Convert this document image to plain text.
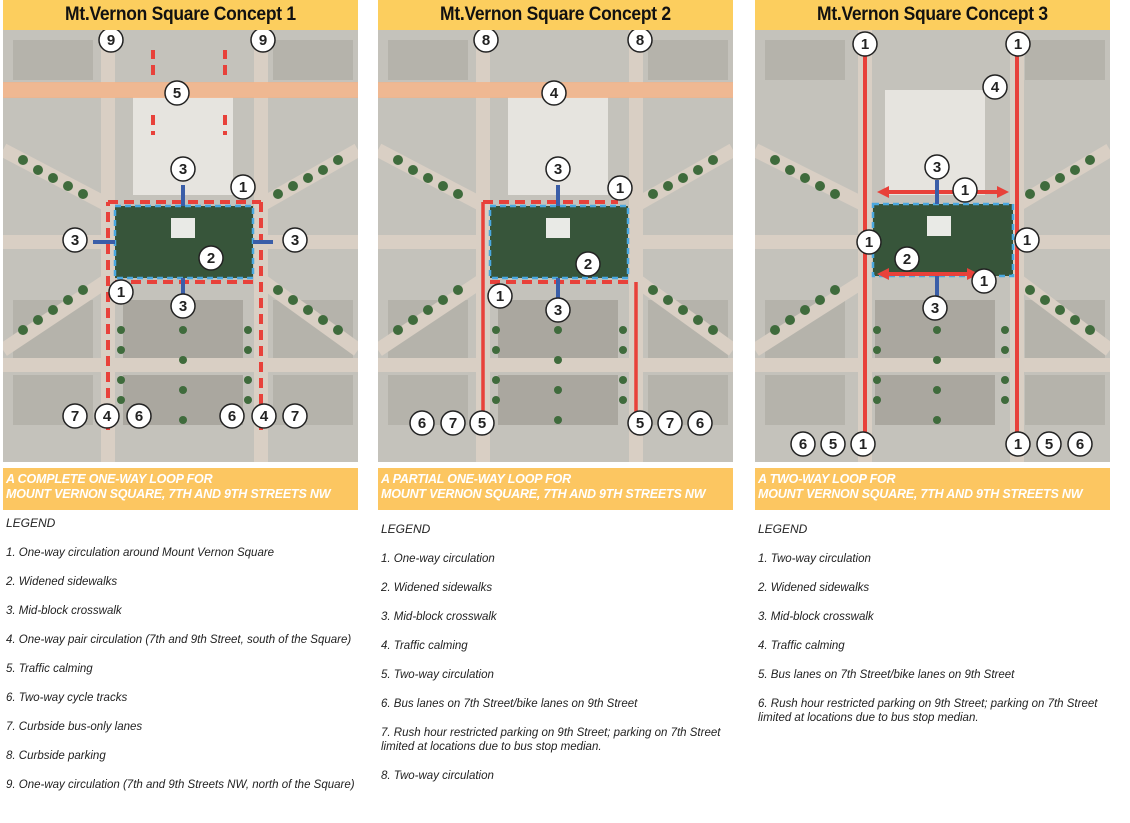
Mt.Vernon Square Concept 1
9	9
5
3
1
3	3
2
1
3
7 4 6	6 4 7
A COMPLETE ONE-WAY LOOP FOR
MOUNT VERNON SQUARE, 7TH AND 9TH STREETS NW
LEGEND
1. One-way circulation around Mount Vernon Square
2. Widened sidewalks
3. Mid-block crosswalk
4. One-way pair circulation (7th and 9th Street, south of the Square)
5. Traffic calming
6. Two-way cycle tracks
7. Curbside bus-only lanes
8. Curbside parking
9. One-way circulation (7th and 9th Streets NW, north of the Square)
Mt.Vernon Square Concept 2
8	8
4
3
1
2
1
3
6 7 5	5 7 6
A PARTIAL ONE-WAY LOOP FOR
MOUNT VERNON SQUARE, 7TH AND 9TH STREETS NW
LEGEND
1. One-way circulation
2. Widened sidewalks
3. Mid-block crosswalk
4. Traffic calming
5. Two-way circulation
6. Bus lanes on 7th Street/bike lanes on 9th Street
7. Rush hour restricted parking on 9th Street; parking on 7th Street limited at locations due to bus stop median.
8. Two-way circulation
Mt.Vernon Square Concept 3
1	1
4
3
1
1	1
2
1
3
6 5 1	1 5 6
A TWO-WAY LOOP FOR
MOUNT VERNON SQUARE, 7TH AND 9TH STREETS NW
LEGEND
1. Two-way circulation
2. Widened sidewalks
3. Mid-block crosswalk
4. Traffic calming
5. Bus lanes on 7th Street/bike lanes on 9th Street
6. Rush hour restricted parking on 9th Street; parking on 7th Street limited at locations due to bus stop median.
